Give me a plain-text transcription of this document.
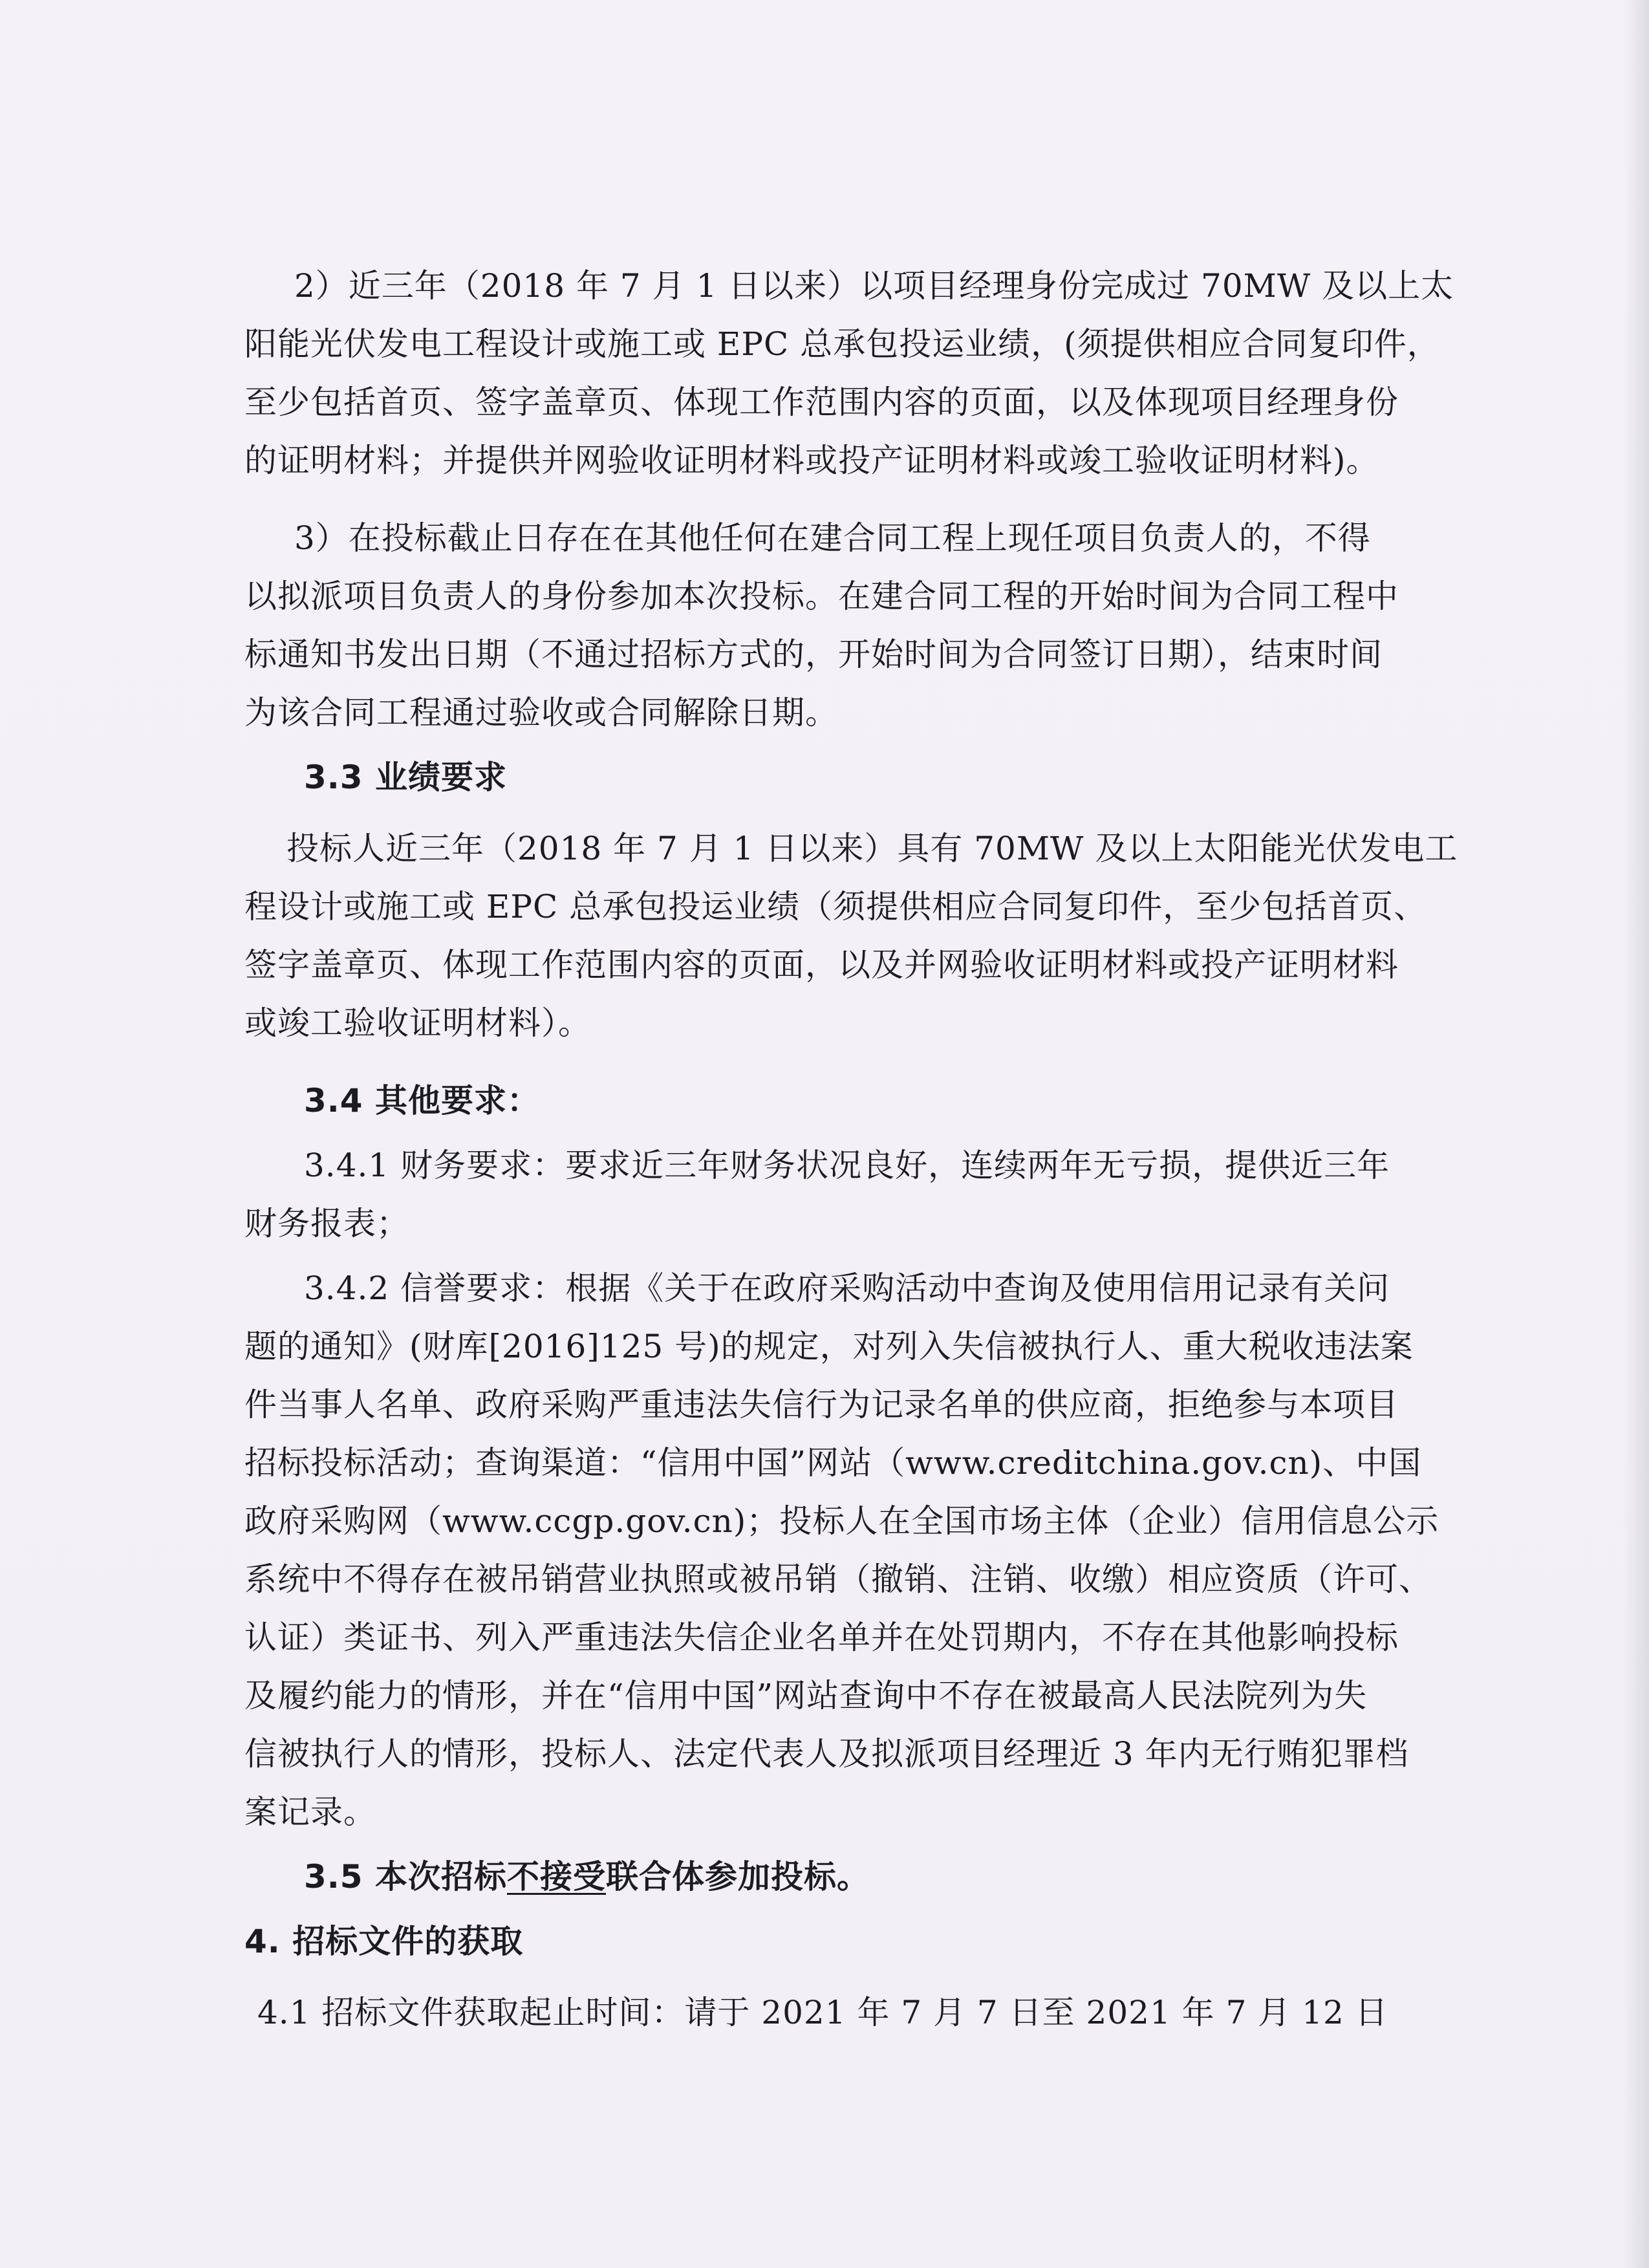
2）近三年（2018 年 7 月 1 日以来）以项目经理身份完成过 70MW 及以上太
阳能光伏发电工程设计或施工或 EPC 总承包投运业绩，(须提供相应合同复印件，
至少包括首页、签字盖章页、体现工作范围内容的页面，以及体现项目经理身份
的证明材料；并提供并网验收证明材料或投产证明材料或竣工验收证明材料)。
3）在投标截止日存在在其他任何在建合同工程上现任项目负责人的，不得
以拟派项目负责人的身份参加本次投标。在建合同工程的开始时间为合同工程中
标通知书发出日期（不通过招标方式的，开始时间为合同签订日期），结束时间
为该合同工程通过验收或合同解除日期。
3.3 业绩要求
投标人近三年（2018 年 7 月 1 日以来）具有 70MW 及以上太阳能光伏发电工
程设计或施工或 EPC 总承包投运业绩（须提供相应合同复印件，至少包括首页、
签字盖章页、体现工作范围内容的页面，以及并网验收证明材料或投产证明材料
或竣工验收证明材料）。
3.4 其他要求：
3.4.1 财务要求：要求近三年财务状况良好，连续两年无亏损，提供近三年
财务报表；
3.4.2 信誉要求：根据《关于在政府采购活动中查询及使用信用记录有关问
题的通知》(财库[2016]125 号)的规定，对列入失信被执行人、重大税收违法案
件当事人名单、政府采购严重违法失信行为记录名单的供应商，拒绝参与本项目
招标投标活动；查询渠道：“信用中国”网站（www.creditchina.gov.cn)、中国
政府采购网（www.ccgp.gov.cn)；投标人在全国市场主体（企业）信用信息公示
系统中不得存在被吊销营业执照或被吊销（撤销、注销、收缴）相应资质（许可、
认证）类证书、列入严重违法失信企业名单并在处罚期内，不存在其他影响投标
及履约能力的情形，并在“信用中国”网站查询中不存在被最高人民法院列为失
信被执行人的情形，投标人、法定代表人及拟派项目经理近 3 年内无行贿犯罪档
案记录。
3.5 本次招标不接受联合体参加投标。
4. 招标文件的获取
4.1 招标文件获取起止时间：请于 2021 年 7 月 7 日至 2021 年 7 月 12 日
